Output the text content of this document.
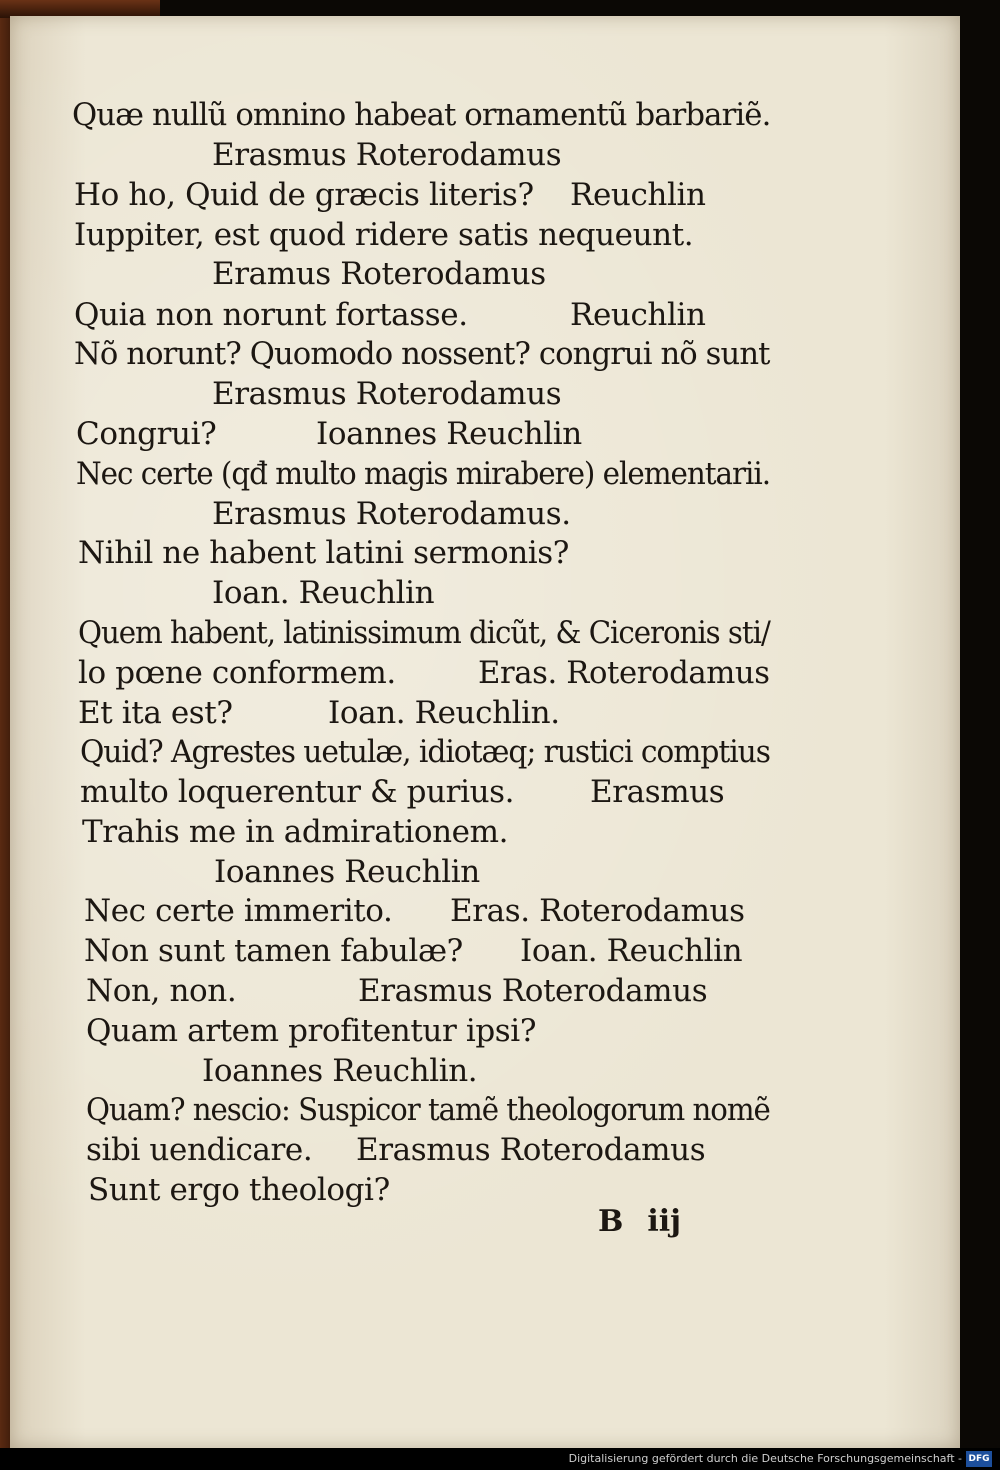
Quæ nullũ omnino habeat ornamentũ barbariẽ.
Erasmus Roterodamus
Ho ho, Quid de græcis literis? Reuchlin
Iuppiter, est quod ridere satis nequeunt.
Eramus Roterodamus
Quia non norunt fortasse.	Reuchlin
Nõ norunt? Quomodo nossent? congrui nõ sunt
Erasmus Roterodamus
Congrui?	Ioannes Reuchlin
Nec certe (qđ multo magis mirabere) elementarii.
Erasmus Roterodamus.
Nihil ne habent latini sermonis?
Ioan. Reuchlin
Quem habent, latinissimum dicũt, & Ciceronis sti/
lo pœne conformem.	Eras. Roterodamus
Et ita est?	Ioan. Reuchlin.
Quid? Agrestes uetulæ, idiotæq; rustici comptius
multo loquerentur & purius. Erasmus
Trahis me in admirationem.
Ioannes Reuchlin
Nec certe immerito. Eras. Roterodamus
Non sunt tamen fabulæ? Ioan. Reuchlin
Non, non.	Erasmus Roterodamus
Quam artem profitentur ipsi?
Ioannes Reuchlin.
Quam? nescio: Suspicor tamẽ theologorum nomẽ
sibi uendicare. Erasmus Roterodamus
Sunt ergo theologi?
B iij
Digitalisierung gefördert durch die Deutsche Forschungsgemeinschaft - DFG
